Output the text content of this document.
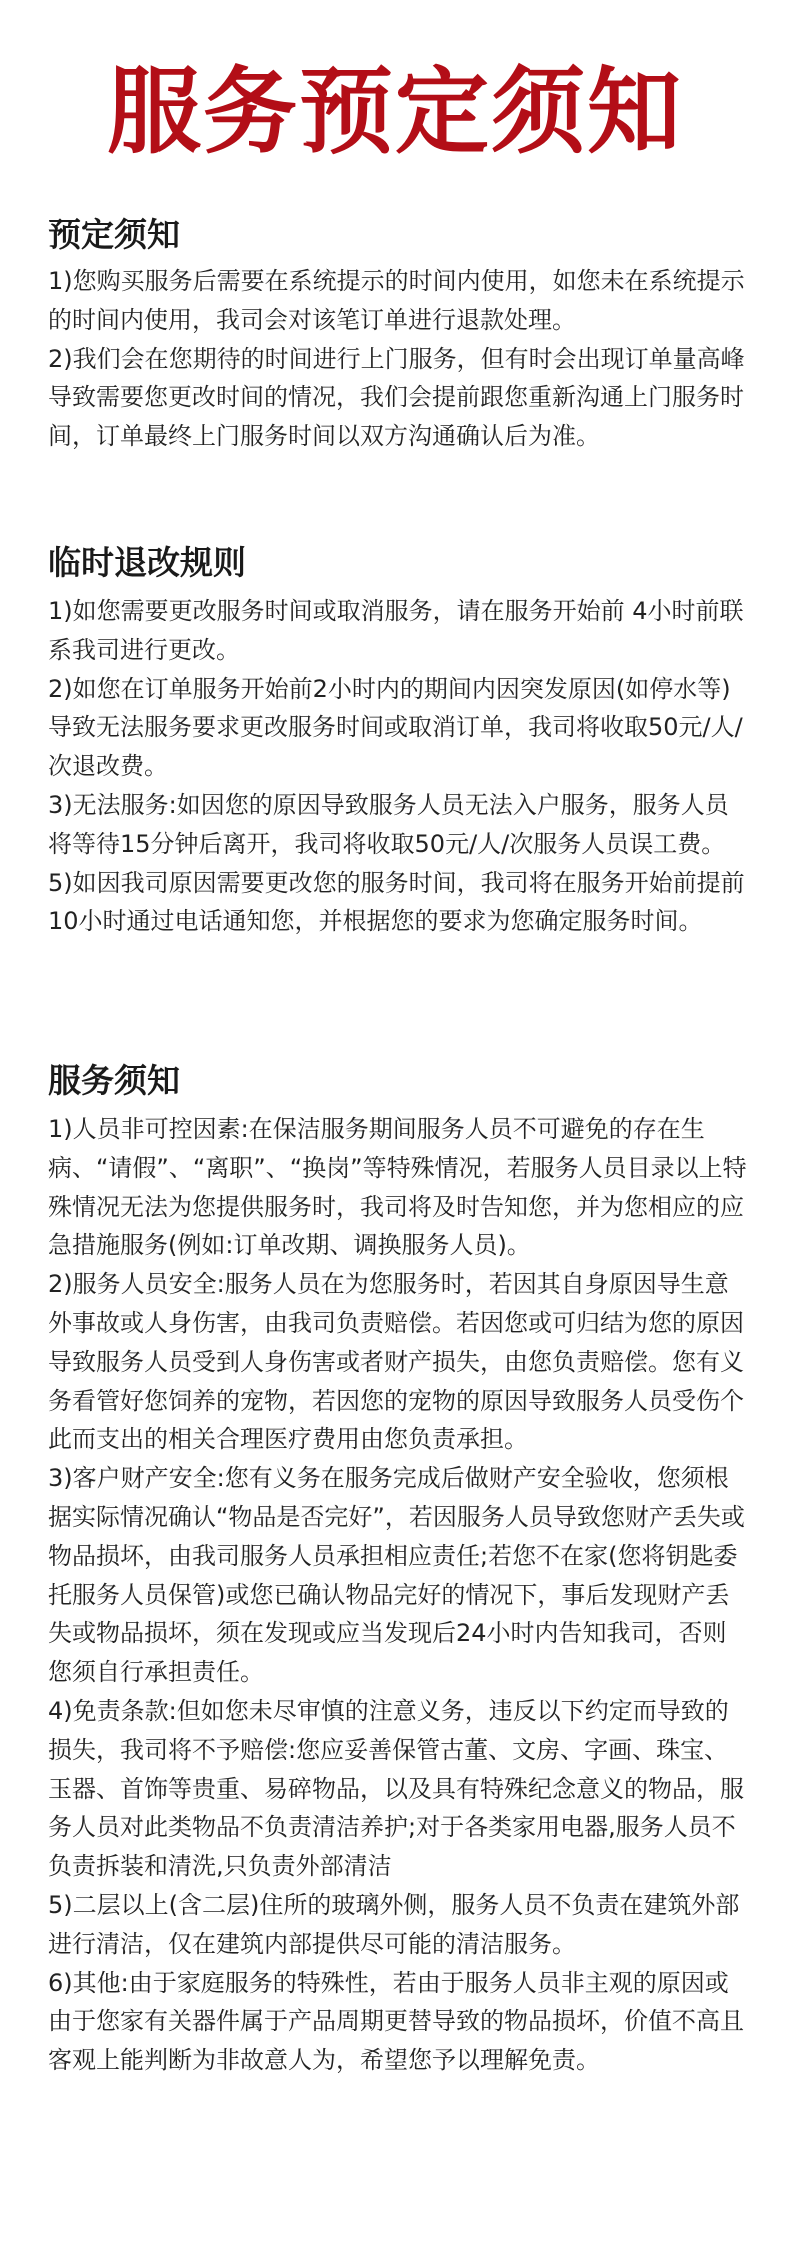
服务预定须知
预定须知

1)您购买服务后需要在系统提示的时间内使用，如您未在系统提示的时间内使用，我司会对该笔订单进行退款处理。

2)我们会在您期待的时间进行上门服务，但有时会出现订单量高峰导致需要您更改时间的情况，我们会提前跟您重新沟通上门服务时间，订单最终上门服务时间以双方沟通确认后为准。

临时退改规则

1)如您需要更改服务时间或取消服务，请在服务开始前 4小时前联系我司进行更改。

2)如您在订单服务开始前2小时内的期间内因突发原因(如停水等)导致无法服务要求更改服务时间或取消订单，我司将收取50元/人/次退改费。

3)无法服务:如因您的原因导致服务人员无法入户服务，服务人员将等待15分钟后离开，我司将收取50元/人/次服务人员误工费。

5)如因我司原因需要更改您的服务时间，我司将在服务开始前提前10小时通过电话通知您，并根据您的要求为您确定服务时间。

服务须知

1)人员非可控因素:在保洁服务期间服务人员不可避免的存在生病、“请假”、“离职”、“换岗”等特殊情况，若服务人员目录以上特殊情况无法为您提供服务时，我司将及时告知您，并为您相应的应急措施服务(例如:订单改期、调换服务人员)。

2)服务人员安全:服务人员在为您服务时，若因其自身原因导生意外事故或人身伤害，由我司负责赔偿。若因您或可归结为您的原因导致服务人员受到人身伤害或者财产损失，由您负责赔偿。您有义务看管好您饲养的宠物，若因您的宠物的原因导致服务人员受伤个此而支出的相关合理医疗费用由您负责承担。

3)客户财产安全:您有义务在服务完成后做财产安全验收，您须根据实际情况确认“物品是否完好”，若因服务人员导致您财产丢失或物品损坏，由我司服务人员承担相应责任;若您不在家(您将钥匙委托服务人员保管)或您已确认物品完好的情况下，事后发现财产丢失或物品损坏，须在发现或应当发现后24小时内告知我司，否则您须自行承担责任。

4)免责条款:但如您未尽审慎的注意义务，违反以下约定而导致的损失，我司将不予赔偿:您应妥善保管古董、文房、字画、珠宝、玉器、首饰等贵重、易碎物品，以及具有特殊纪念意义的物品，服务人员对此类物品不负责清洁养护;对于各类家用电器,服务人员不负责拆装和清洗,只负责外部清洁

5)二层以上(含二层)住所的玻璃外侧，服务人员不负责在建筑外部进行清洁，仅在建筑内部提供尽可能的清洁服务。

6)其他:由于家庭服务的特殊性，若由于服务人员非主观的原因或由于您家有关器件属于产品周期更替导致的物品损坏，价值不高且客观上能判断为非故意人为，希望您予以理解免责。
